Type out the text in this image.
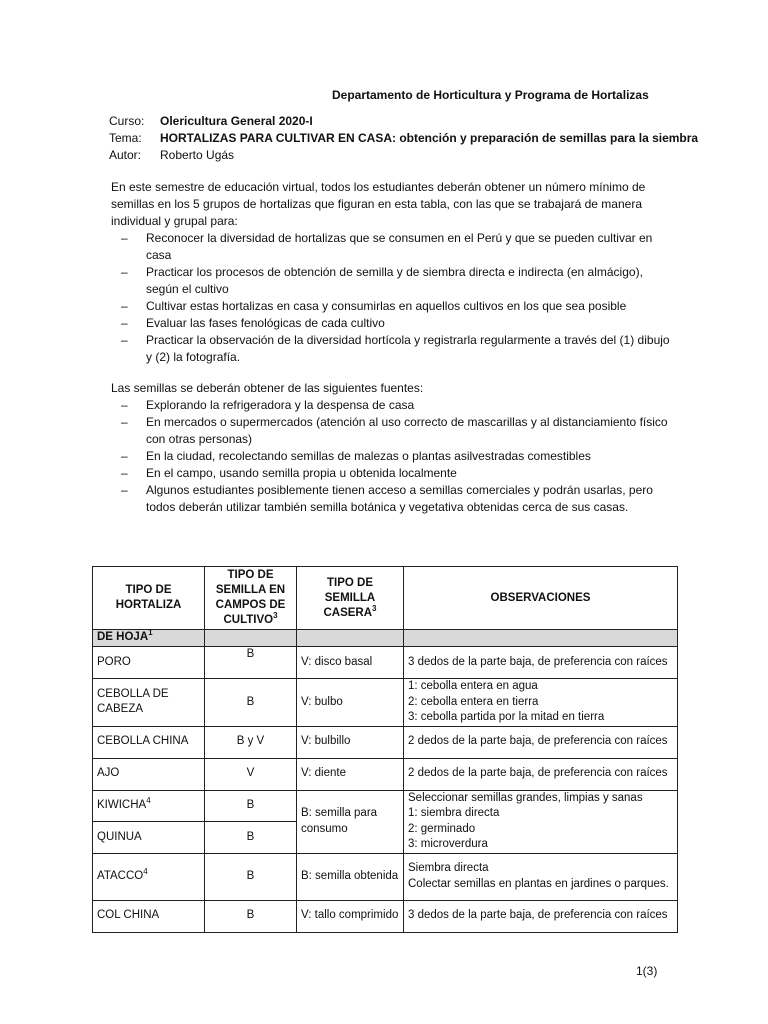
Departamento de Horticultura y Programa de Hortalizas
Curso:	Olericultura General 2020-I
Tema:	HORTALIZAS PARA CULTIVAR EN CASA: obtención y preparación de semillas para la siembra
Autor:	Roberto Ugás

En este semestre de educación virtual, todos los estudiantes deberán obtener un número mínimo de semillas en los 5 grupos de hortalizas que figuran en esta tabla, con las que se trabajará de manera individual y grupal para:

– Reconocer la diversidad de hortalizas que se consumen en el Perú y que se pueden cultivar en casa
– Practicar los procesos de obtención de semilla y de siembra directa e indirecta (en almácigo), según el cultivo
– Cultivar estas hortalizas en casa y consumirlas en aquellos cultivos en los que sea posible
– Evaluar las fases fenológicas de cada cultivo
– Practicar la observación de la diversidad hortícola y registrarla regularmente a través del (1) dibujo y (2) la fotografía.

Las semillas se deberán obtener de las siguientes fuentes:

– Explorando la refrigeradora y la despensa de casa
– En mercados o supermercados (atención al uso correcto de mascarillas y al distanciamiento físico con otras personas)
– En la ciudad, recolectando semillas de malezas o plantas asilvestradas comestibles
– En el campo, usando semilla propia u obtenida localmente
– Algunos estudiantes posiblemente tienen acceso a semillas comerciales y podrán usarlas, pero todos deberán utilizar también semilla botánica y vegetativa obtenidas cerca de sus casas.
TIPO DE HORTALIZA	TIPO DE SEMILLA EN CAMPOS DE CULTIVO$^3$	TIPO DE SEMILLA CASERA$^3$	OBSERVACIONES
DE HOJA$^1$			
PORO	B	V: disco basal	3 dedos de la parte baja, de preferencia con raíces
CEBOLLA DE CABEZA	B	V: bulbo	1: cebolla entera en agua
2: cebolla entera en tierra
3: cebolla partida por la mitad en tierra

CEBOLLA CHINA	B y V	V: bulbillo	2 dedos de la parte baja, de preferencia con raíces
AJO	V	V: diente	2 dedos de la parte baja, de preferencia con raíces
KIWICHA$^4$	B	B: semilla para consumo	Seleccionar semillas grandes, limpias y sanas
1: siembra directa
2: germinado
3: microverdura

QUINUA	B		
ATACCO$^4$	B	B: semilla obtenida	Siembra directa
Colectar semillas en plantas en jardines o parques.

COL CHINA	B	V: tallo comprimido	3 dedos de la parte baja, de preferencia con raíces
1(3)
